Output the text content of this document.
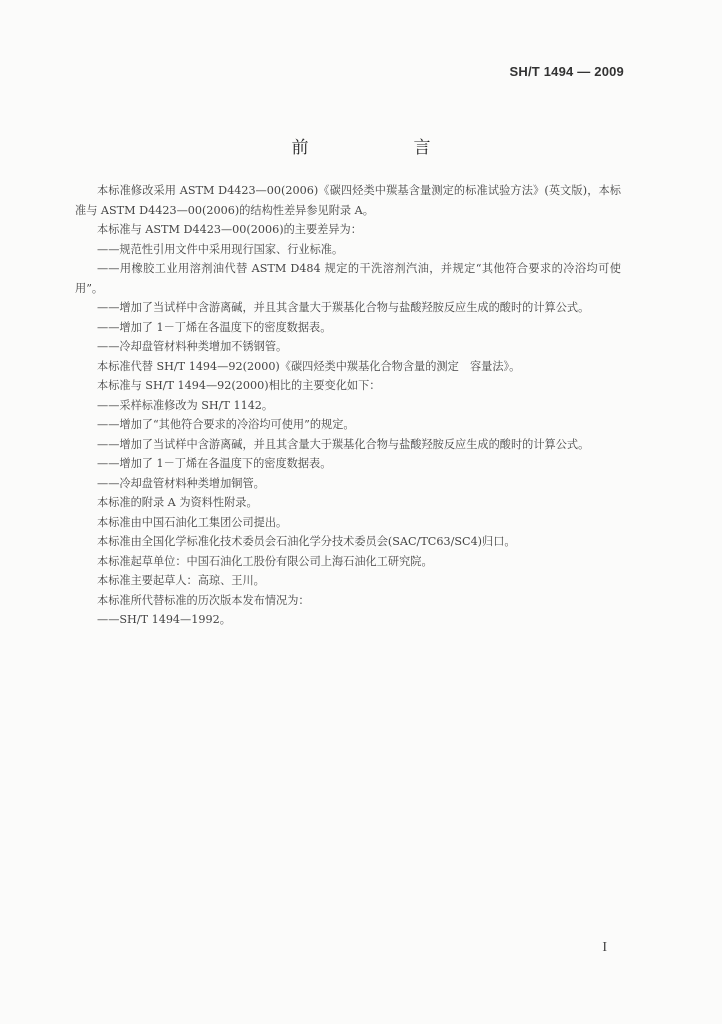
SH/T 1494 — 2009
前　言

本标准修改采用 ASTM D4423—00(2006)《碳四烃类中羰基含量测定的标准试验方法》(英文版)，本标准与 ASTM D4423—00(2006)的结构性差异参见附录 A。

本标准与 ASTM D4423—00(2006)的主要差异为：

——规范性引用文件中采用现行国家、行业标准。

——用橡胶工业用溶剂油代替 ASTM D484 规定的干洗溶剂汽油，并规定“其他符合要求的冷浴均可使用”。

——增加了当试样中含游离碱，并且其含量大于羰基化合物与盐酸羟胺反应生成的酸时的计算公式。

——增加了 1－丁烯在各温度下的密度数据表。

——冷却盘管材料种类增加不锈钢管。

本标准代替 SH/T 1494—92(2000)《碳四烃类中羰基化合物含量的测定　容量法》。

本标准与 SH/T 1494—92(2000)相比的主要变化如下：

——采样标准修改为 SH/T 1142。

——增加了“其他符合要求的冷浴均可使用”的规定。

——增加了当试样中含游离碱，并且其含量大于羰基化合物与盐酸羟胺反应生成的酸时的计算公式。

——增加了 1－丁烯在各温度下的密度数据表。

——冷却盘管材料种类增加铜管。

本标准的附录 A 为资料性附录。

本标准由中国石油化工集团公司提出。

本标准由全国化学标准化技术委员会石油化学分技术委员会(SAC/TC63/SC4)归口。

本标准起草单位：中国石油化工股份有限公司上海石油化工研究院。

本标准主要起草人：高琼、王川。

本标准所代替标准的历次版本发布情况为：

——SH/T 1494—1992。

I
